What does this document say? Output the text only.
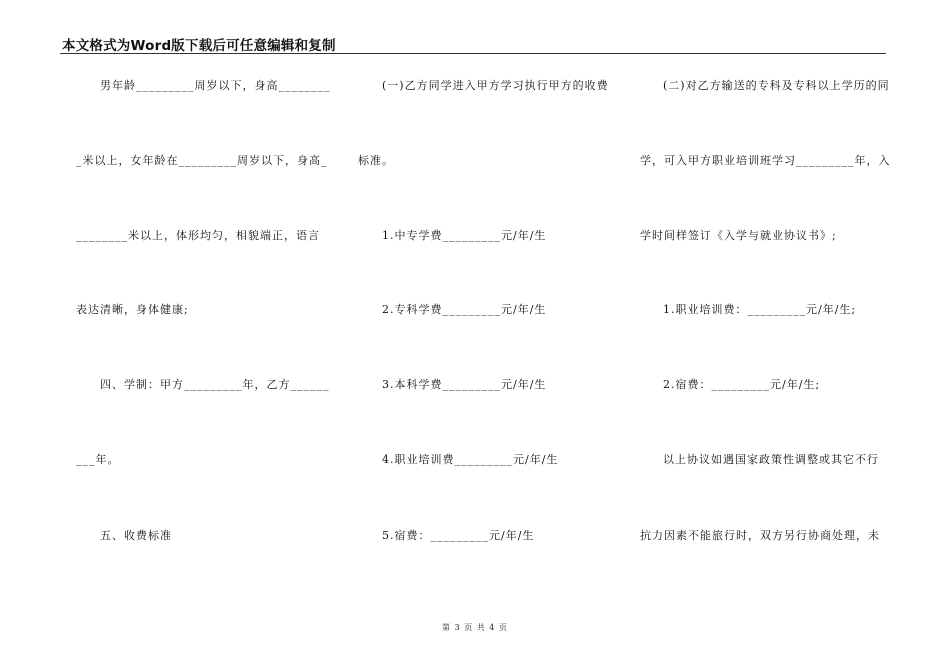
本文格式为Word版下载后可任意编辑和复制
男年龄_________周岁以下，身高________
_米以上，女年龄在_________周岁以下，身高_
________米以上，体形均匀，相貌端正，语言
表达清晰，身体健康;
四、学制：甲方_________年，乙方______
___年。
五、收费标准
(一)乙方同学进入甲方学习执行甲方的收费
标准。
1.中专学费_________元/年/生
2.专科学费_________元/年/生
3.本科学费_________元/年/生
4.职业培训费_________元/年/生
5.宿费：_________元/年/生
(二)对乙方输送的专科及专科以上学历的同
学，可入甲方职业培训班学习_________年，入
学时间样签订《入学与就业协议书》;
1.职业培训费：_________元/年/生;
2.宿费：_________元/年/生;
以上协议如遇国家政策性调整或其它不行
抗力因素不能旅行时，双方另行协商处理，未
第 3 页 共 4 页
